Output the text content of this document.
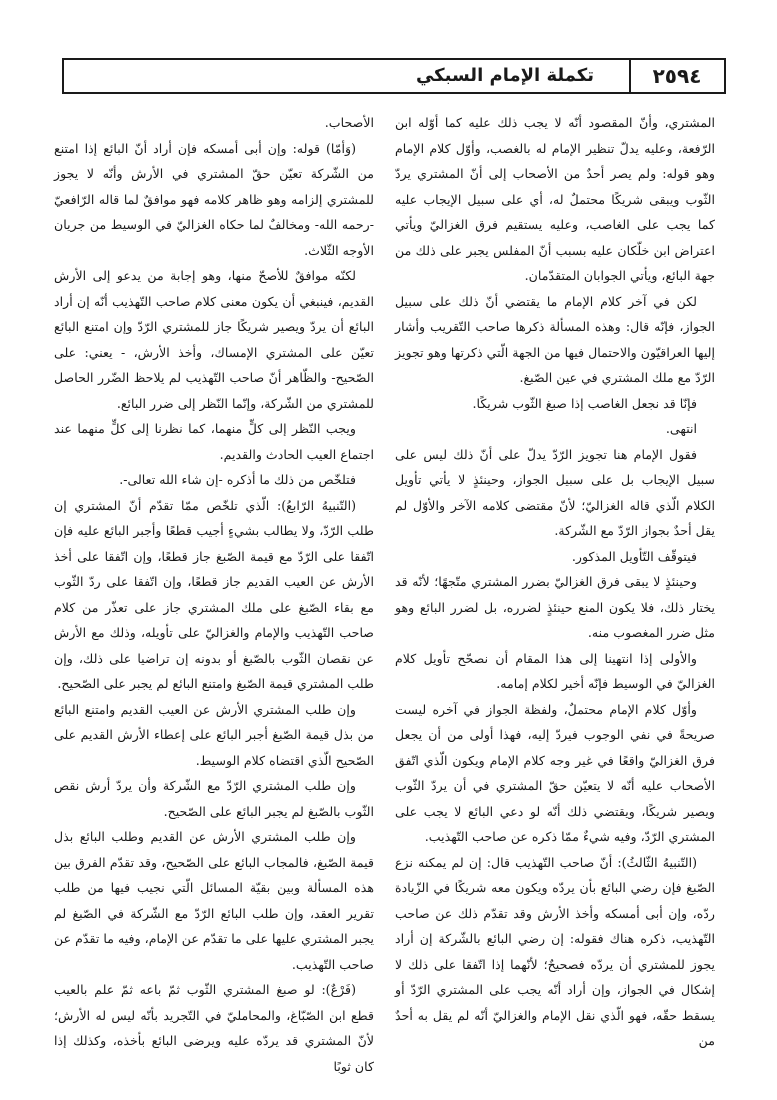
٢٥٩٤
تكملة الإمام السبكي

المشتري، وأنّ المقصود أنّه لا يجب ذلك عليه كما أوّله ابن الرّفعة، وعليه يدلّ تنظير الإمام له بالغصب، وأوّل كلام الإمام وهو قوله: ولم يصر أحدٌ من الأصحاب إلى أنّ المشتري يردّ الثّوب ويبقى شريكًا محتملٌ له، أي على سبيل الإيجاب عليه كما يجب على الغاصب، وعليه يستقيم فرق الغزاليّ ويأتي اعتراض ابن خلّكان عليه بسبب أنّ المفلس يجبر على ذلك من جهة البائع، ويأتي الجوابان المتقدّمان.

لكن في آخر كلام الإمام ما يقتضي أنّ ذلك على سبيل الجواز، فإنّه قال: وهذه المسألة ذكرها صاحب التّقريب وأشار إليها العراقيّون والاحتمال فيها من الجهة الّتي ذكرتها وهو تجويز الرّدّ مع ملك المشتري في عين الصّبغ.

فإنّا قد نجعل الغاصب إذا صبغ الثّوب شريكًا.

انتهى.

فقول الإمام هنا تجويز الرّدّ يدلّ على أنّ ذلك ليس على سبيل الإيجاب بل على سبيل الجواز، وحينئذٍ لا يأتي تأويل الكلام الّذي قاله الغزاليّ؛ لأنّ مقتضى كلامه الآخر والأوّل لم يقل أحدٌ بجواز الرّدّ مع الشّركة.

فيتوقّف التّأويل المذكور.

وحينئذٍ لا يبقى فرق الغزاليّ بضرر المشتري متّجهًا؛ لأنّه قد يختار ذلك، فلا يكون المنع حينئذٍ لضرره، بل لضرر البائع وهو مثل ضرر المغصوب منه.

والأولى إذا انتهينا إلى هذا المقام أن نصحّح تأويل كلام الغزاليّ في الوسيط فإنّه أخير لكلام إمامه.

وأوّل كلام الإمام محتملٌ، ولفظة الجواز في آخره ليست صريحةً في نفي الوجوب فيردّ إليه، فهذا أولى من أن يجعل فرق الغزاليّ واقعًا في غير وجه كلام الإمام ويكون الّذي اتّفق الأصحاب عليه أنّه لا يتعيّن حقّ المشتري في أن يردّ الثّوب ويصير شريكًا، ويقتضي ذلك أنّه لو دعي البائع لا يجب على المشتري الرّدّ، وفيه شيءٌ ممّا ذكره عن صاحب التّهذيب.

(التّنبيهُ الثّالثُ): أنّ صاحب التّهذيب قال: إن لم يمكنه نزع الصّبغ فإن رضي البائع بأن يردّه ويكون معه شريكًا في الزّيادة ردّه، وإن أبى أمسكه وأخذ الأرش وقد تقدّم ذلك عن صاحب التّهذيب، ذكره هناك فقوله: إن رضي البائع بالشّركة إن أراد يجوز للمشتري أن يردّه فصحيحٌ؛ لأنّهما إذا اتّفقا على ذلك لا إشكال في الجواز، وإن أراد أنّه يجب على المشتري الرّدّ أو يسقط حقّه، فهو الّذي نقل الإمام والغزاليّ أنّه لم يقل به أحدٌ من

الأصحاب.

(وَأمّا) قوله: وإن أبى أمسكه فإن أراد أنّ البائع إذا امتنع من الشّركة تعيّن حقّ المشتري في الأرش وأنّه لا يجوز للمشتري إلزامه وهو ظاهر كلامه فهو موافقٌ لما قاله الرّافعيّ -رحمه الله- ومخالفٌ لما حكاه الغزاليّ في الوسيط من جريان الأوجه الثّلاث.

لكنّه موافقٌ للأصحّ منها، وهو إجابة من يدعو إلى الأرش القديم، فينبغي أن يكون معنى كلام صاحب التّهذيب أنّه إن أراد البائع أن يردّ ويصير شريكًا جاز للمشتري الرّدّ وإن امتنع البائع تعيّن على المشتري الإمساك، وأخذ الأرش، - يعني: على الصّحيح- والظّاهر أنّ صاحب التّهذيب لم يلاحظ الضّرر الحاصل للمشتري من الشّركة، وإنّما النّظر إلى ضرر البائع.

ويجب النّظر إلى كلٍّ منهما، كما نظرنا إلى كلٍّ منهما عند اجتماع العيب الحادث والقديم.

فتلخّص من ذلك ما أذكره -إن شاء الله تعالى-.

(التّنبيهُ الرّابعُ): الّذي تلخّص ممّا تقدّم أنّ المشتري إن طلب الرّدّ، ولا يطالب بشيءٍ أجيب قطعًا وأجبر البائع عليه فإن اتّفقا على الرّدّ مع قيمة الصّبغ جاز قطعًا، وإن اتّفقا على أخذ الأرش عن العيب القديم جاز قطعًا، وإن اتّفقا على ردّ الثّوب مع بقاء الصّبغ على ملك المشتري جاز على تعذّر من كلام صاحب التّهذيب والإمام والغزاليّ على تأويله، وذلك مع الأرش عن نقصان الثّوب بالصّبغ أو بدونه إن تراضيا على ذلك، وإن طلب المشتري قيمة الصّبغ وامتنع البائع لم يجبر على الصّحيح.

وإن طلب المشتري الأرش عن العيب القديم وامتنع البائع من بذل قيمة الصّبغ أجبر البائع على إعطاء الأرش القديم على الصّحيح الّذي اقتضاه كلام الوسيط.

وإن طلب المشتري الرّدّ مع الشّركة وأن يردّ أرش نقص الثّوب بالصّبغ لم يجبر البائع على الصّحيح.

وإن طلب المشتري الأرش عن القديم وطلب البائع بذل قيمة الصّبغ، فالمجاب البائع على الصّحيح، وقد تقدّم الفرق بين هذه المسألة وبين بقيّة المسائل الّتي نجيب فيها من طلب تقرير العقد، وإن طلب البائع الرّدّ مع الشّركة في الصّبغ لم يجبر المشتري عليها على ما تقدّم عن الإمام، وفيه ما تقدّم عن صاحب التّهذيب.

(فَرْعٌ): لو صبغ المشتري الثّوب ثمّ باعه ثمّ علم بالعيب قطع ابن الصّبّاغ، والمحامليّ في التّجريد بأنّه ليس له الأرش؛ لأنّ المشتري قد يردّه عليه ويرضى البائع بأخذه، وكذلك إذا كان ثوبًا
